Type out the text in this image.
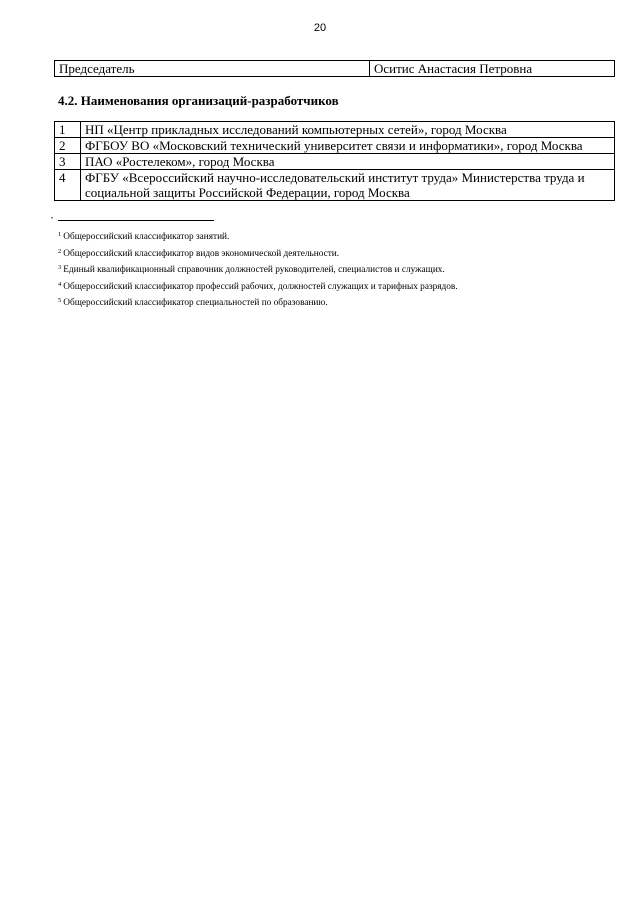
20
Председатель	Оситис Анастасия Петровна
4.2. Наименования организаций-разработчиков
1	НП «Центр прикладных исследований компьютерных сетей», город Москва
2	ФГБОУ ВО «Московский технический университет связи и информатики», город Москва
3	ПАО «Ростелеком», город Москва
4	ФГБУ «Всероссийский научно-исследовательский институт труда» Министерства труда и социальной защиты Российской Федерации, город Москва
•
$^1$ Общероссийский классификатор занятий.
$^2$ Общероссийский классификатор видов экономической деятельности.
$^3$ Единый квалификационный справочник должностей руководителей, специалистов и служащих.
$^4$ Общероссийский классификатор профессий рабочих, должностей служащих и тарифных разрядов.
$^5$ Общероссийский классификатор специальностей по образованию.
